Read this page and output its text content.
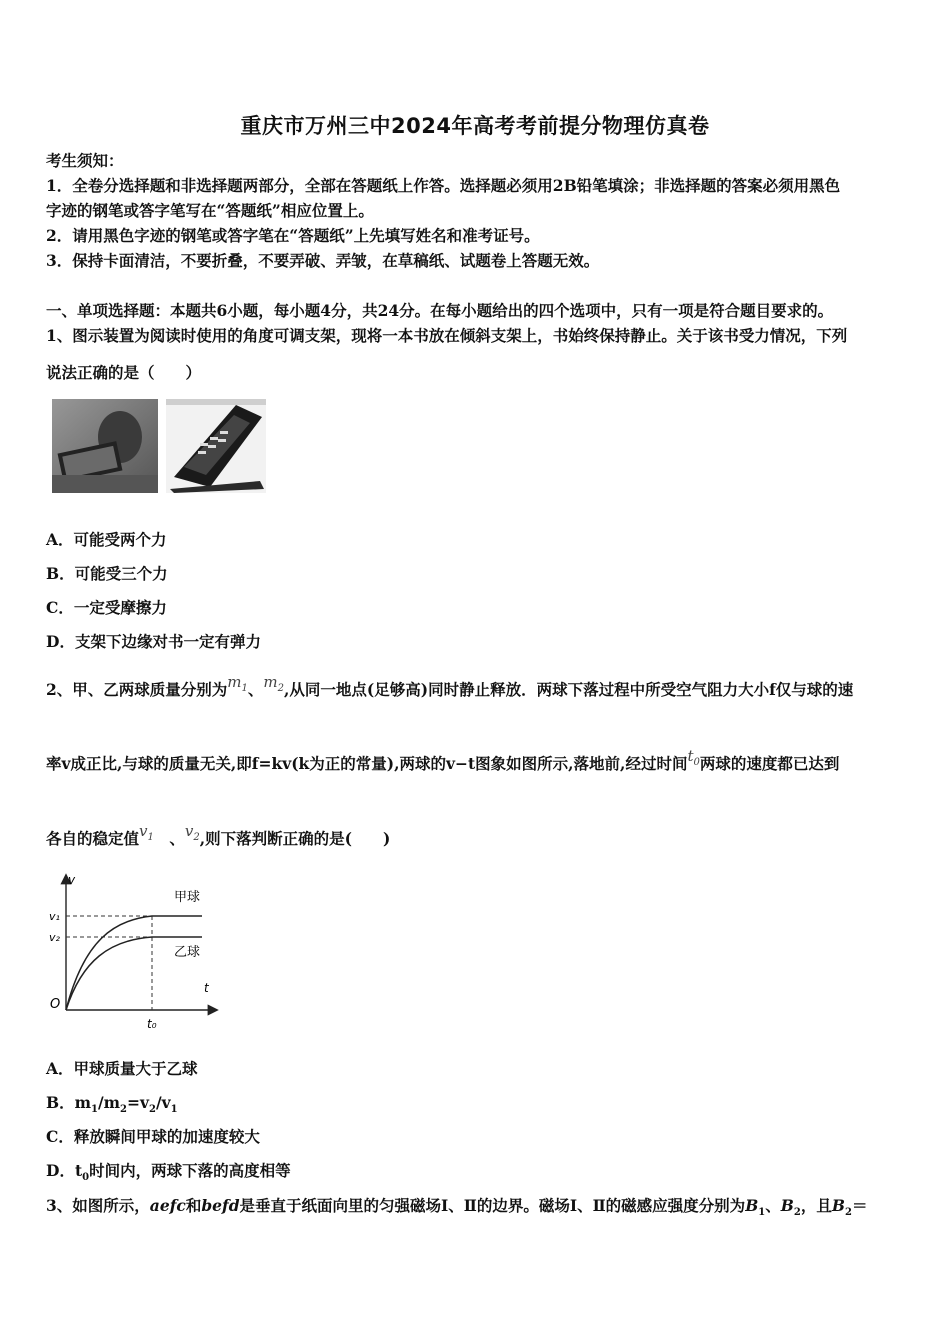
重庆市万州三中2024年高考考前提分物理仿真卷
考生须知：
1．全卷分选择题和非选择题两部分，全部在答题纸上作答。选择题必须用2B铅笔填涂；非选择题的答案必须用黑色
字迹的钢笔或答字笔写在“答题纸”相应位置上。
2．请用黑色字迹的钢笔或答字笔在“答题纸”上先填写姓名和准考证号。
3．保持卡面清洁，不要折叠，不要弄破、弄皱，在草稿纸、试题卷上答题无效。
一、单项选择题：本题共6小题，每小题4分，共24分。在每小题给出的四个选项中，只有一项是符合题目要求的。
1、图示装置为阅读时使用的角度可调支架，现将一本书放在倾斜支架上，书始终保持静止。关于该书受力情况，下列
说法正确的是（　　）
A．可能受两个力
B．可能受三个力
C．一定受摩擦力
D．支架下边缘对书一定有弹力
2、甲、乙两球质量分别为$m_1$、$m_2$,从同一地点(足够高)同时静止释放．两球下落过程中所受空气阻力大小f仅与球的速
率v成正比,与球的质量无关,即f=kv(k为正的常量),两球的v−t图象如图所示,落地前,经过时间$t_0$两球的速度都已达到
各自的稳定值$v_1$　 、$v_2$,则下落判断正确的是(　　)
v
t
O
v₁
v₂
t₀
甲球
乙球
A．甲球质量大于乙球
B．$m_1/m_2=v_2/v_1$
C．释放瞬间甲球的加速度较大
D．$t_0$时间内，两球下落的高度相等
3、如图所示，aefc和befd是垂直于纸面向里的匀强磁场Ⅰ、Ⅱ的边界。磁场Ⅰ、Ⅱ的磁感应强度分别为$B_1$、$B_2$，且$B_2=$
